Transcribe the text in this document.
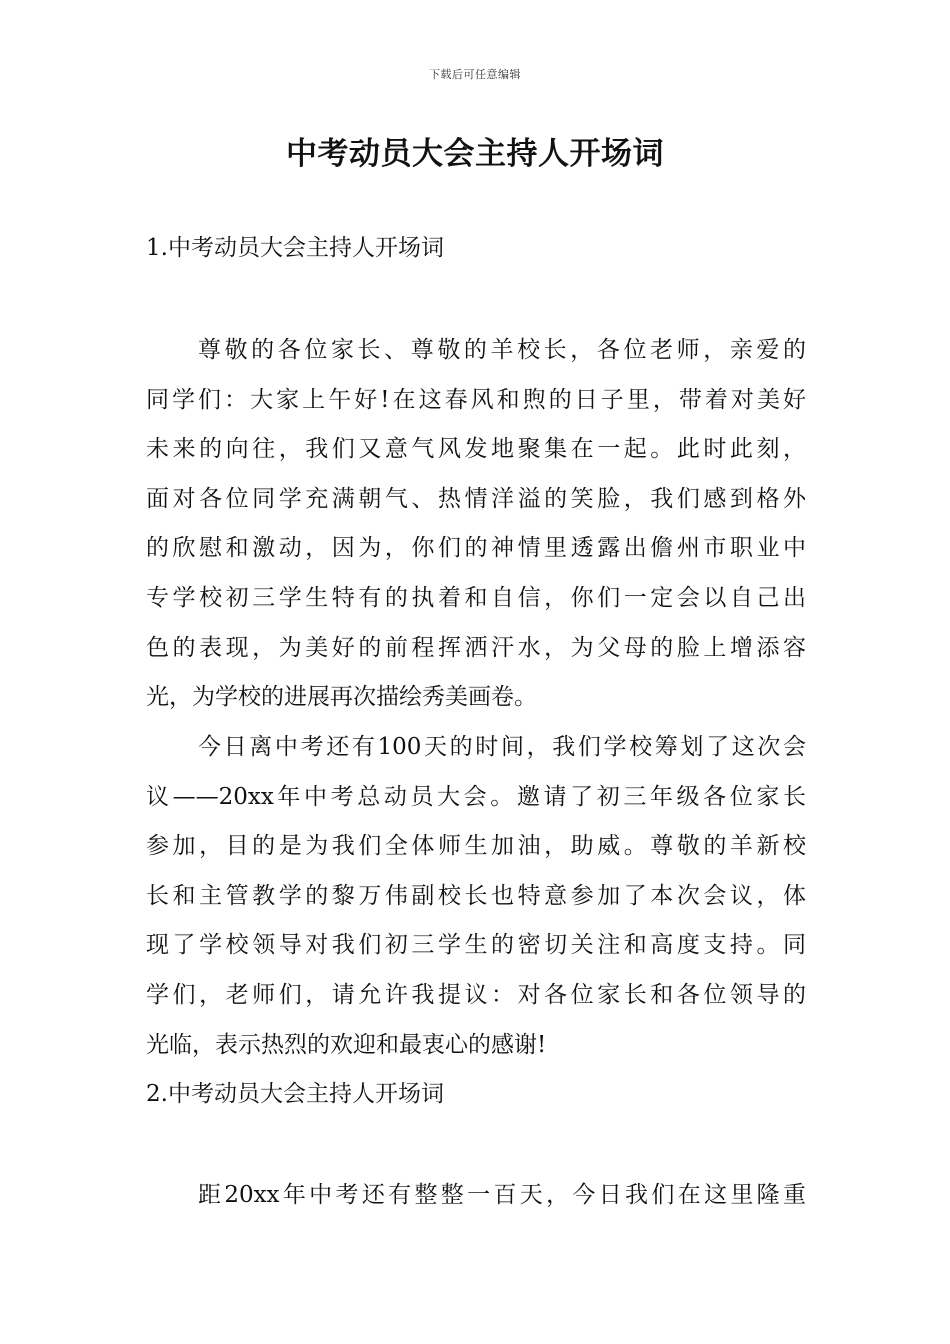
下载后可任意编辑
中考动员大会主持人开场词
1.中考动员大会主持人开场词
尊敬的各位家长、尊敬的羊校长，各位老师，亲爱的
同学们：大家上午好!在这春风和煦的日子里，带着对美好
未来的向往，我们又意气风发地聚集在一起。此时此刻，
面对各位同学充满朝气、热情洋溢的笑脸，我们感到格外
的欣慰和激动，因为，你们的神情里透露出儋州市职业中
专学校初三学生特有的执着和自信，你们一定会以自己出
色的表现，为美好的前程挥洒汗水，为父母的脸上增添容
光，为学校的进展再次描绘秀美画卷。
今日离中考还有100天的时间，我们学校筹划了这次会
议——20xx年中考总动员大会。邀请了初三年级各位家长
参加，目的是为我们全体师生加油，助威。尊敬的羊新校
长和主管教学的黎万伟副校长也特意参加了本次会议，体
现了学校领导对我们初三学生的密切关注和高度支持。同
学们，老师们，请允许我提议：对各位家长和各位领导的
光临，表示热烈的欢迎和最衷心的感谢!
2.中考动员大会主持人开场词
距20xx年中考还有整整一百天，今日我们在这里隆重
